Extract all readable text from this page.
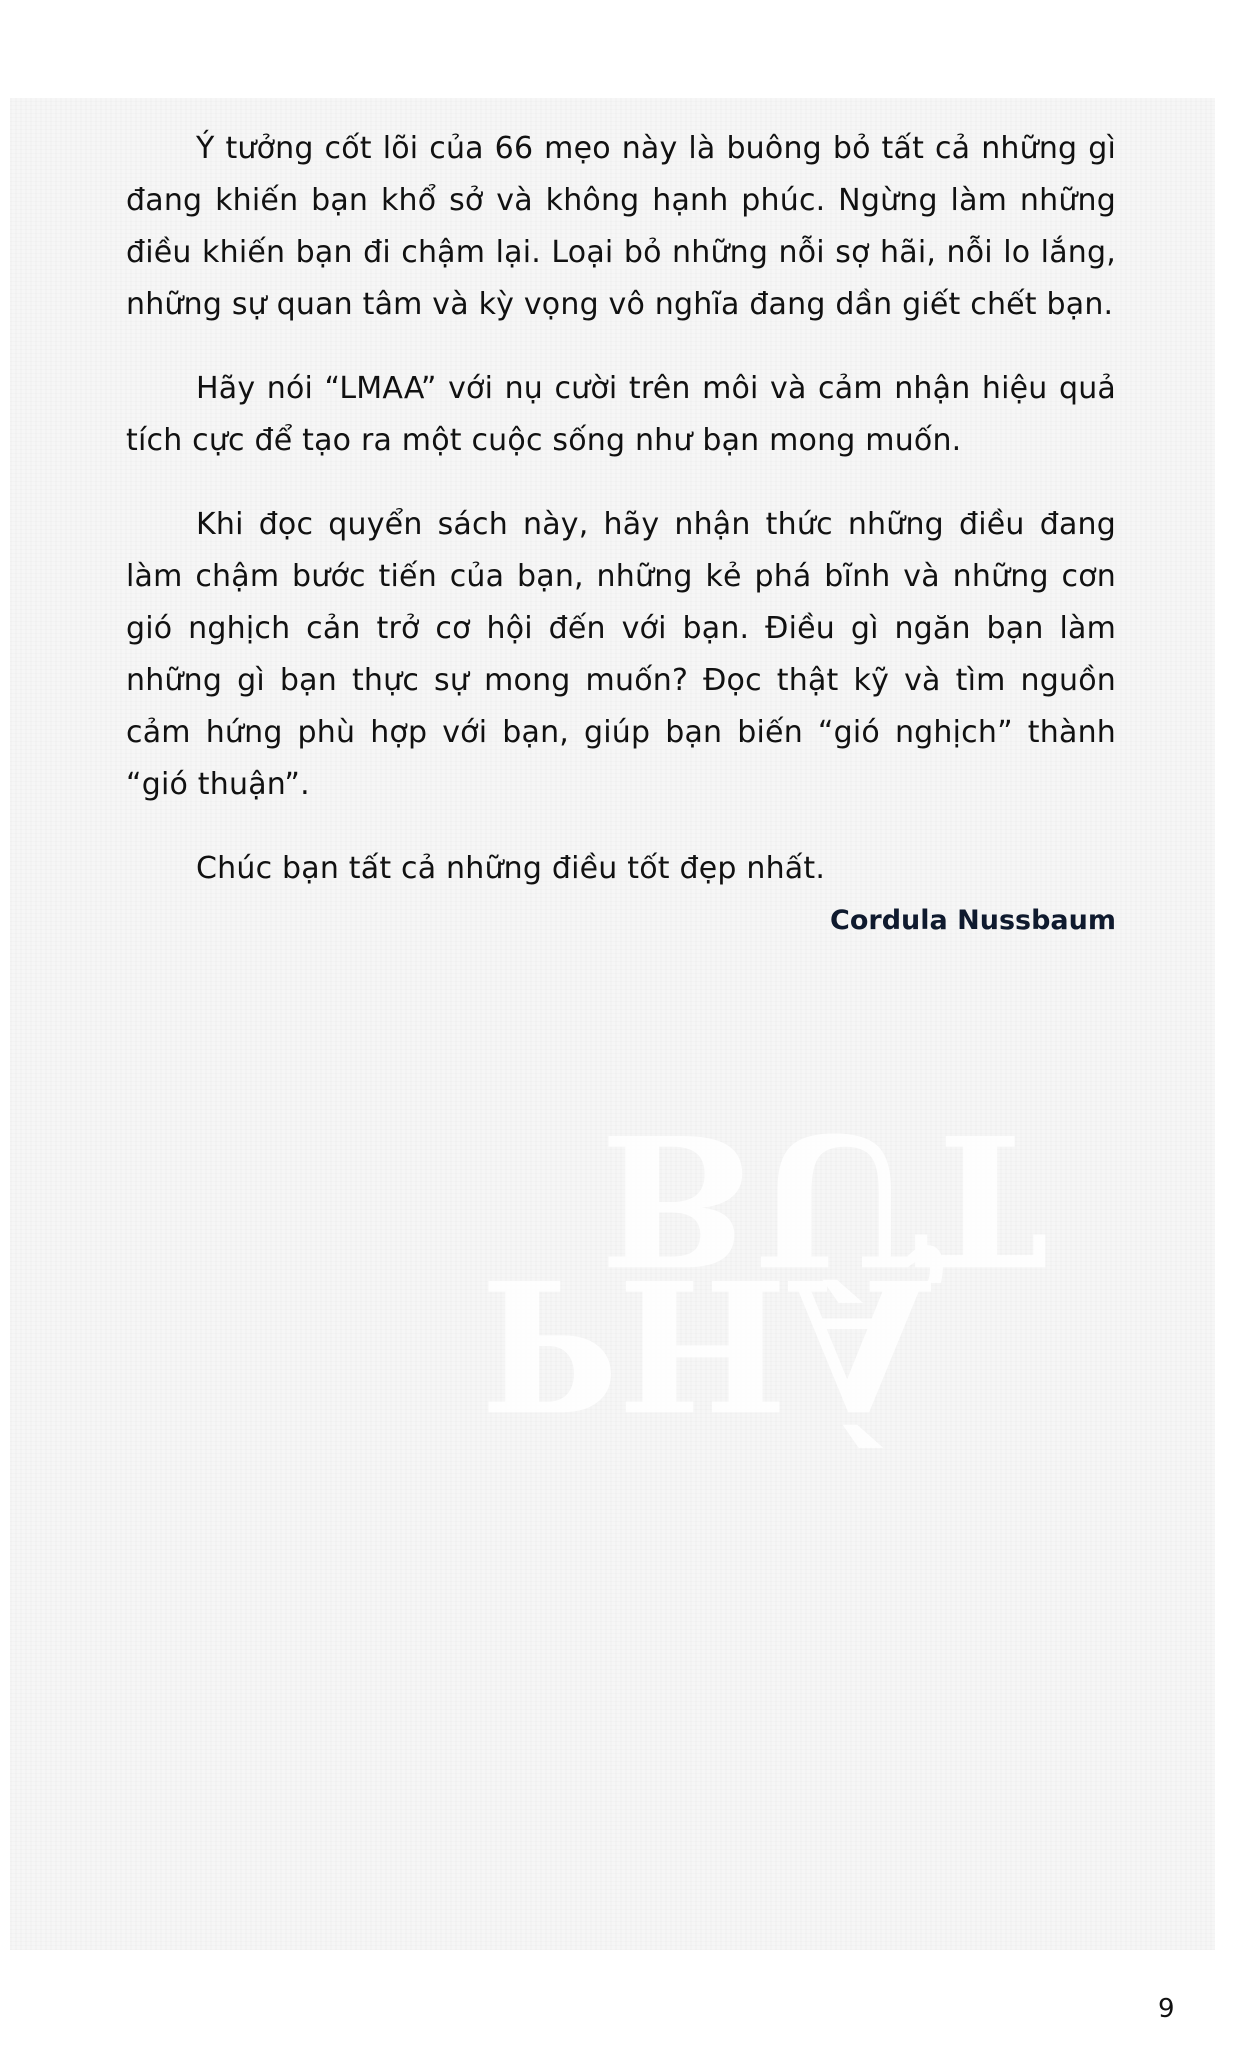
BỨT
PHÁ

Ý tưởng cốt lõi của 66 mẹo này là buông bỏ tất cả những gì đang khiến bạn khổ sở và không hạnh phúc. Ngừng làm những điều khiến bạn đi chậm lại. Loại bỏ những nỗi sợ hãi, nỗi lo lắng, những sự quan tâm và kỳ vọng vô nghĩa đang dần giết chết bạn.

Hãy nói “LMAA” với nụ cười trên môi và cảm nhận hiệu quả tích cực để tạo ra một cuộc sống như bạn mong muốn.

Khi đọc quyển sách này, hãy nhận thức những điều đang làm chậm bước tiến của bạn, những kẻ phá bĩnh và những cơn gió nghịch cản trở cơ hội đến với bạn. Điều gì ngăn bạn làm những gì bạn thực sự mong muốn? Đọc thật kỹ và tìm nguồn cảm hứng phù hợp với bạn, giúp bạn biến “gió nghịch” thành “gió thuận”.

Chúc bạn tất cả những điều tốt đẹp nhất.

Cordula Nussbaum

9
